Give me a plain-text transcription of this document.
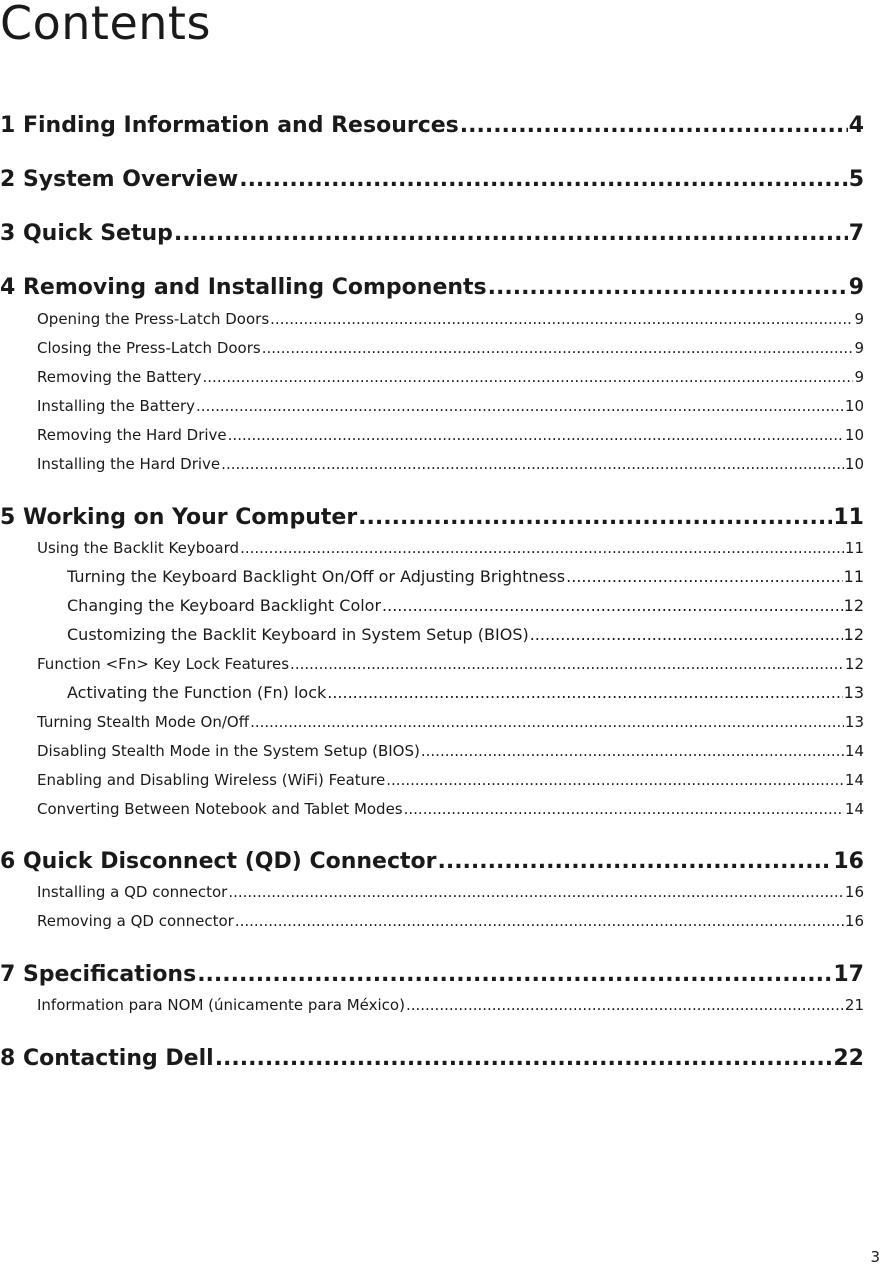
Contents
1 Finding Information and Resources .....	4
2 System Overview .....	5
3 Quick Setup .....	7
4 Removing and Installing Components .....	9
Opening the Press-Latch Doors .....	9
Closing the Press-Latch Doors .....	9
Removing the Battery .....	9
Installing the Battery .....	10
Removing the Hard Drive .....	10
Installing the Hard Drive .....	10
5 Working on Your Computer .....	11
Using the Backlit Keyboard .....	11
Turning the Keyboard Backlight On/Off or Adjusting Brightness .....	11
Changing the Keyboard Backlight Color .....	12
Customizing the Backlit Keyboard in System Setup (BIOS) .....	12
Function <Fn> Key Lock Features .....	12
Activating the Function (Fn) lock .....	13
Turning Stealth Mode On/Off .....	13
Disabling Stealth Mode in the System Setup (BIOS) .....	14
Enabling and Disabling Wireless (WiFi) Feature .....	14
Converting Between Notebook and Tablet Modes .....	14
6 Quick Disconnect (QD) Connector .....	16
Installing a QD connector .....	16
Removing a QD connector .....	16
7 Specifications .....	17
Information para NOM (únicamente para México) .....	21
8 Contacting Dell .....	22
3
